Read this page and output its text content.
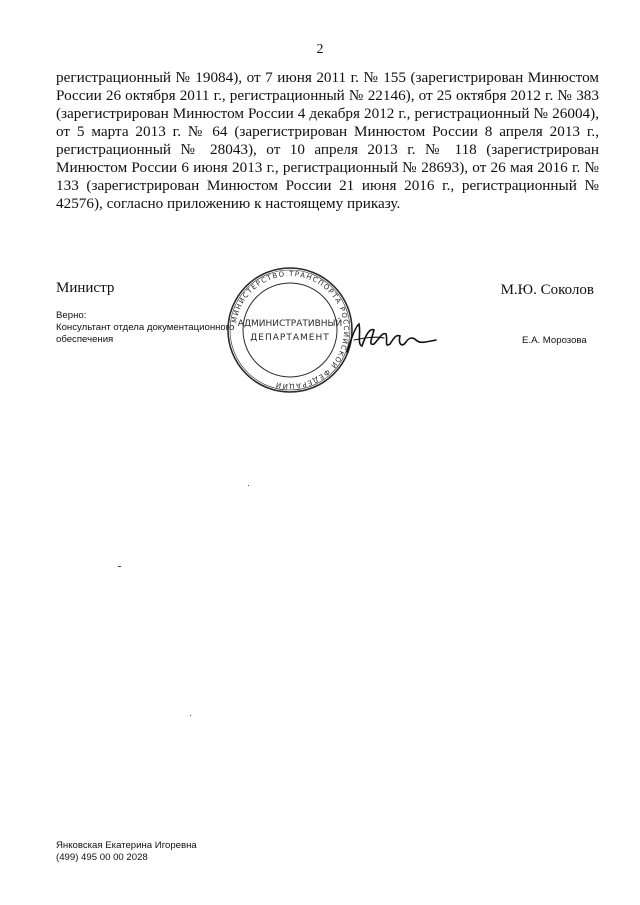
2

регистрационный № 19084), от 7 июня 2011 г. № 155 (зарегистрирован Минюстом России 26 октября 2011 г., регистрационный № 22146), от 25 октября 2012 г. № 383 (зарегистрирован Минюстом России 4 декабря 2012 г., регистрационный № 26004), от 5 марта 2013 г. № 64 (зарегистрирован Минюстом России 8 апреля 2013 г., регистрационный № 28043), от 10 апреля 2013 г. № 118 (зарегистрирован Минюстом России 6 июня 2013 г., регистрационный № 28693), от 26 мая 2016 г. № 133 (зарегистрирован Минюстом России 21 июня 2016 г., регистрационный № 42576), согласно приложению к настоящему приказу.

Министр	М.Ю. Соколов
Верно:
Консультант отдела документационного
обеспечения	Е.А. Морозова
МИНИСТЕРСТВО ТРАНСПОРТА РОССИЙСКОЙ ФЕДЕРАЦИИ
АДМИНИСТРАТИВНЫЙ
ДЕПАРТАМЕНТ
Янковская Екатерина Игоревна
(499) 495 00 00 2028
